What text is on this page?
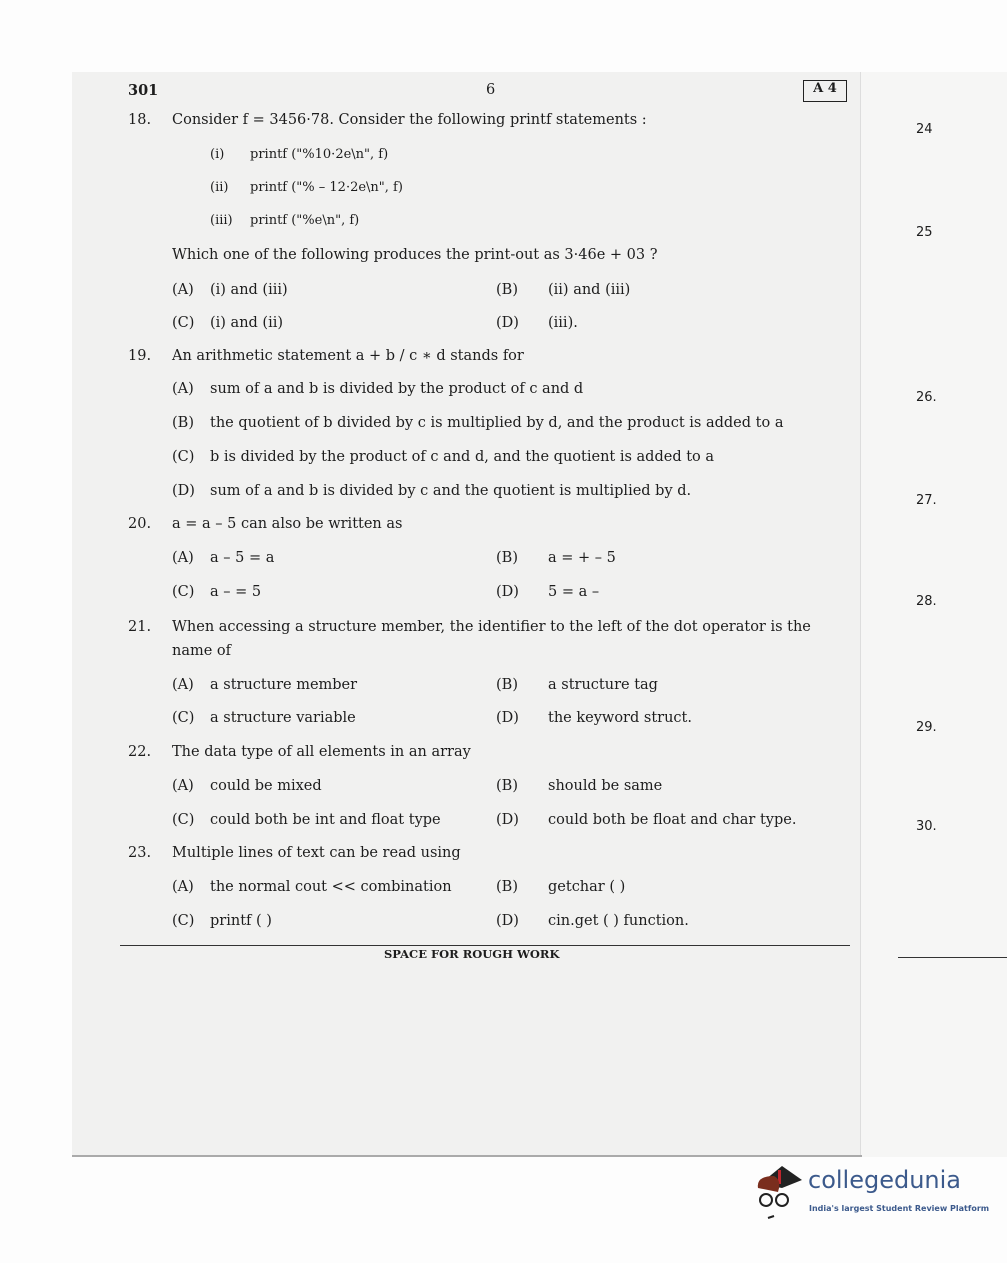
301	6	A 4
24
25
26.
27.
28.
29.
30.
18. Consider f = 3456·78. Consider the following printf statements :
(i) printf ("%10·2e\n", f)
(ii) printf ("% – 12·2e\n", f)
(iii) printf ("%e\n", f)
Which one of the following produces the print-out as 3·46e + 03 ?
(A) (i) and (iii)	(B) (ii) and (iii)
(C) (i) and (ii)	(D) (iii).
19. An arithmetic statement a + b / c ∗ d stands for
(A) sum of a and b is divided by the product of c and d
(B) the quotient of b divided by c is multiplied by d, and the product is added to a
(C) b is divided by the product of c and d, and the quotient is added to a
(D) sum of a and b is divided by c and the quotient is multiplied by d.
20. a = a – 5 can also be written as
(A) a – 5 = a	(B) a = + – 5
(C) a – = 5	(D) 5 = a –
21. When accessing a structure member, the identifier to the left of the dot operator is the
name of
(A) a structure member	(B) a structure tag
(C) a structure variable	(D) the keyword struct.
22. The data type of all elements in an array
(A) could be mixed	(B) should be same
(C) could both be int and float type	(D) could both be float and char type.
23. Multiple lines of text can be read using
(A) the normal cout << combination	(B) getchar ( )
(C) printf ( )	(D) cin.get ( ) function.
SPACE FOR ROUGH WORK
collegedunia
India's largest Student Review Platform
